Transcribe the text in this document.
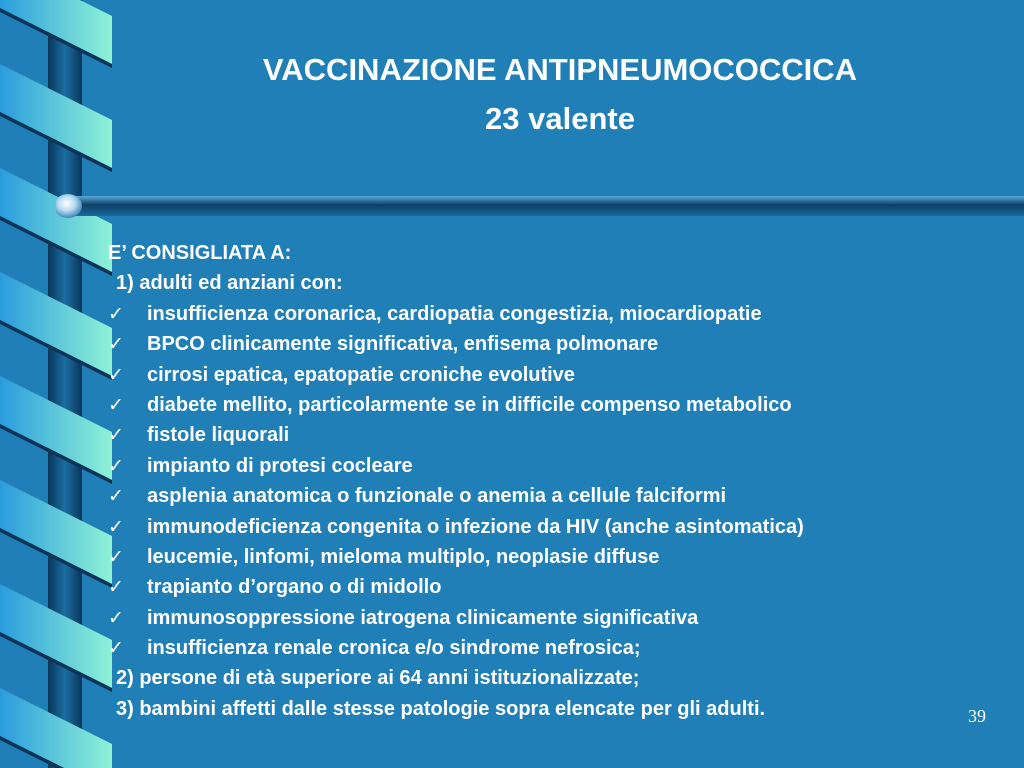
VACCINAZIONE ANTIPNEUMOCOCCICA
23 valente
E’ CONSIGLIATA A:
1) adulti ed anziani con:
✓ insufficienza coronarica, cardiopatia congestizia, miocardiopatie
✓ BPCO clinicamente significativa, enfisema polmonare
✓ cirrosi epatica, epatopatie croniche evolutive
✓ diabete mellito, particolarmente se in difficile compenso metabolico
✓ fistole liquorali
✓ impianto di protesi cocleare
✓ asplenia anatomica o funzionale o anemia a cellule falciformi
✓ immunodeficienza congenita o infezione da HIV (anche asintomatica)
✓ leucemie, linfomi, mieloma multiplo, neoplasie diffuse
✓ trapianto d’organo o di midollo
✓ immunosoppressione iatrogena clinicamente significativa
✓ insufficienza renale cronica e/o sindrome nefrosica;
2) persone di età superiore ai 64 anni istituzionalizzate;
3) bambini affetti dalle stesse patologie sopra elencate per gli adulti.	39
